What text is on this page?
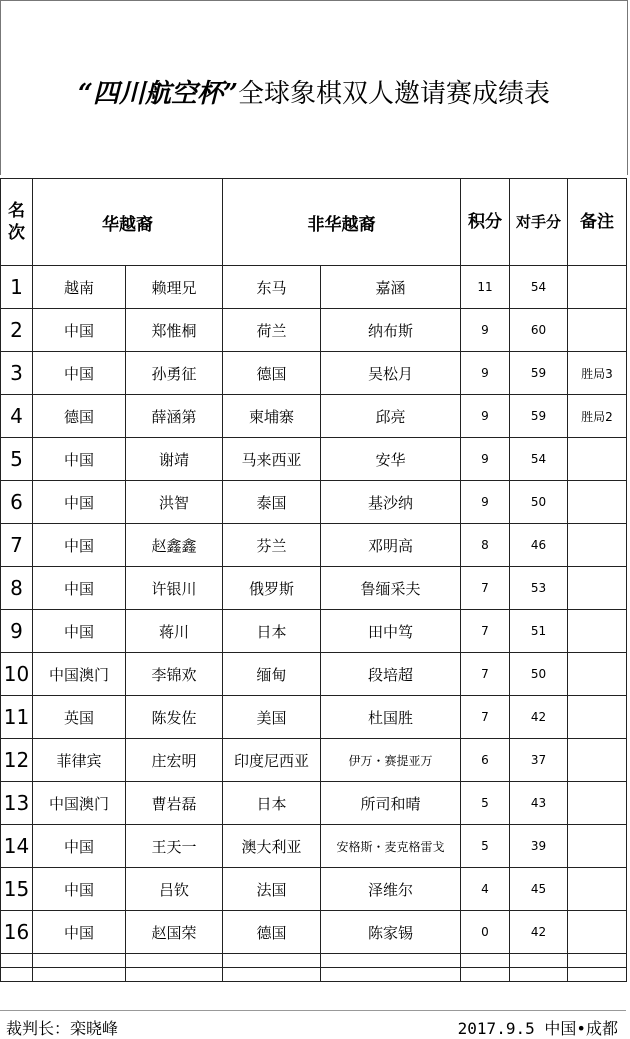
“四川航空杯”全球象棋双人邀请赛成绩表
名次	华越裔		非华越裔		积分	对手分	备注
1	越南	赖理兄	东马	嘉涵	11	54	
2	中国	郑惟桐	荷兰	纳布斯	9	60	
3	中国	孙勇征	德国	吴松月	9	59	胜局3
4	德国	薛涵第	柬埔寨	邱亮	9	59	胜局2
5	中国	谢靖	马来西亚	安华	9	54	
6	中国	洪智	泰国	基沙纳	9	50	
7	中国	赵鑫鑫	芬兰	邓明高	8	46	
8	中国	许银川	俄罗斯	鲁缅采夫	7	53	
9	中国	蒋川	日本	田中笃	7	51	
10	中国澳门	李锦欢	缅甸	段培超	7	50	
11	英国	陈发佐	美国	杜国胜	7	42	
12	菲律宾	庄宏明	印度尼西亚	伊万・赛提亚万	6	37	
13	中国澳门	曹岩磊	日本	所司和晴	5	43	
14	中国	王天一	澳大利亚	安格斯・麦克格雷戈	5	39	
15	中国	吕钦	法国	泽维尔	4	45	
16	中国	赵国荣	德国	陈家锡	0	42	

裁判长：栾晓峰	2017.9.5 中国•成都
